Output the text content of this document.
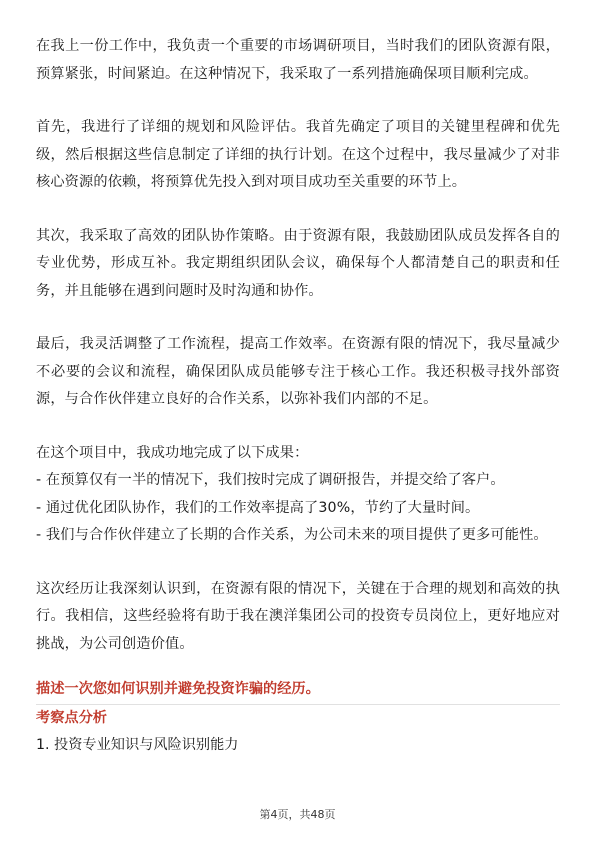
在我上一份工作中，我负责一个重要的市场调研项目，当时我们的团队资源有限，预算紧张，时间紧迫。在这种情况下，我采取了一系列措施确保项目顺利完成。

首先，我进行了详细的规划和风险评估。我首先确定了项目的关键里程碑和优先级，然后根据这些信息制定了详细的执行计划。在这个过程中，我尽量减少了对非核心资源的依赖，将预算优先投入到对项目成功至关重要的环节上。

其次，我采取了高效的团队协作策略。由于资源有限，我鼓励团队成员发挥各自的专业优势，形成互补。我定期组织团队会议，确保每个人都清楚自己的职责和任务，并且能够在遇到问题时及时沟通和协作。

最后，我灵活调整了工作流程，提高工作效率。在资源有限的情况下，我尽量减少不必要的会议和流程，确保团队成员能够专注于核心工作。我还积极寻找外部资源，与合作伙伴建立良好的合作关系，以弥补我们内部的不足。

在这个项目中，我成功地完成了以下成果：

- 在预算仅有一半的情况下，我们按时完成了调研报告，并提交给了客户。

- 通过优化团队协作，我们的工作效率提高了30%，节约了大量时间。

- 我们与合作伙伴建立了长期的合作关系，为公司未来的项目提供了更多可能性。

这次经历让我深刻认识到，在资源有限的情况下，关键在于合理的规划和高效的执行。我相信，这些经验将有助于我在澳洋集团公司的投资专员岗位上，更好地应对挑战，为公司创造价值。

描述一次您如何识别并避免投资诈骗的经历。

考察点分析

1. 投资专业知识与风险识别能力

第4页，共48页
